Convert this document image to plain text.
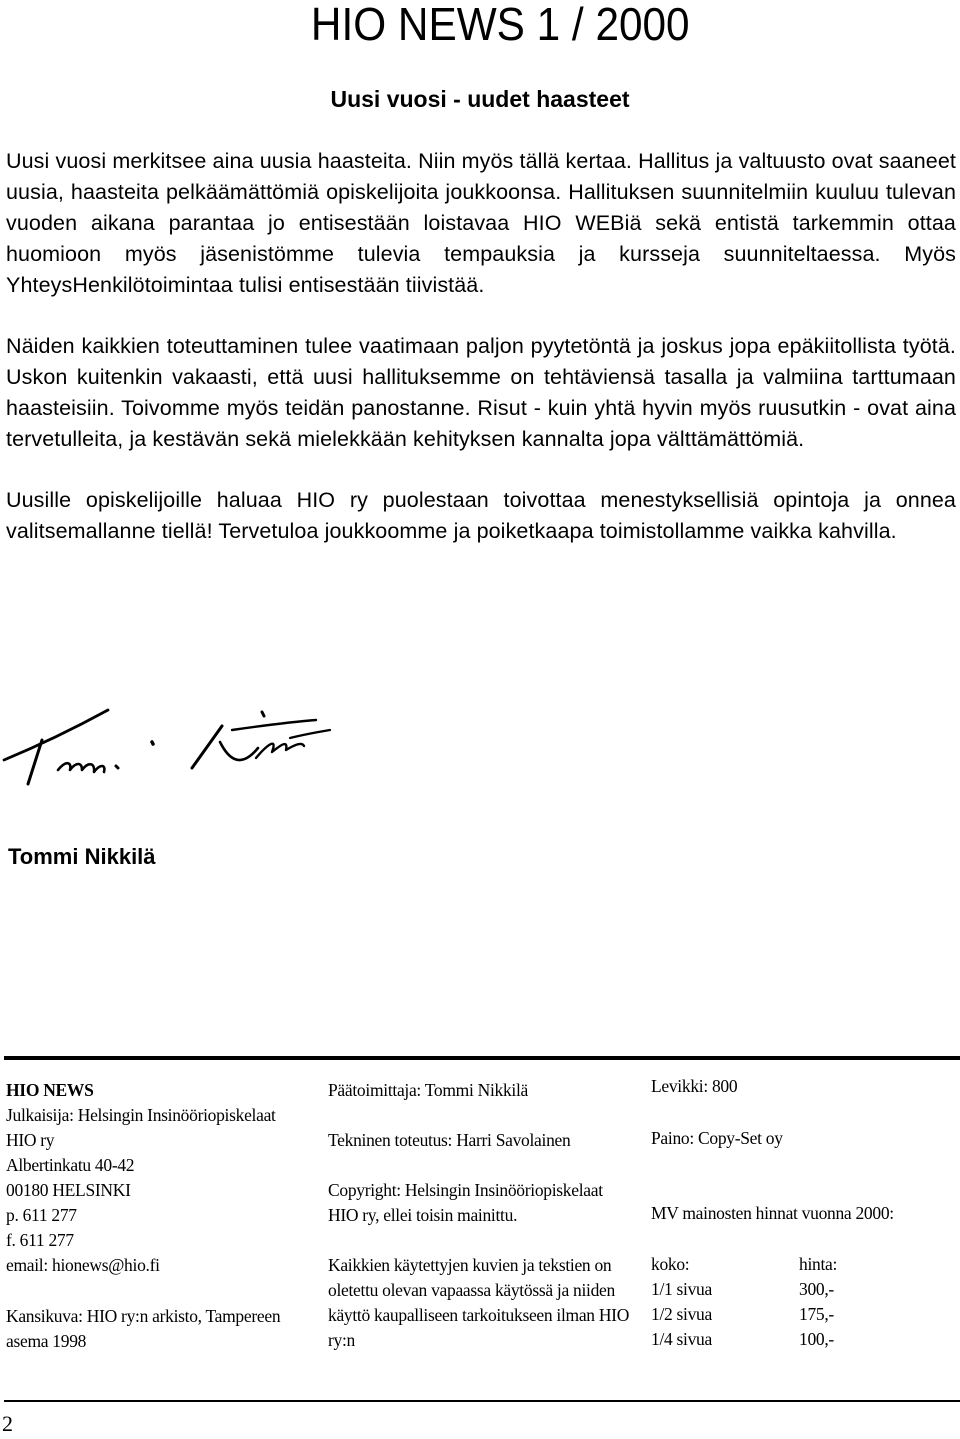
HIO NEWS 1 / 2000
Uusi vuosi - uudet haasteet

Uusi vuosi merkitsee aina uusia haasteita. Niin myös tällä kertaa. Hallitus ja valtuusto ovat saaneet uusia, haasteita pelkäämättömiä opiskelijoita joukkoonsa. Hallituksen suunnitelmiin kuuluu tulevan vuoden aikana parantaa jo entisestään loistavaa HIO WEBiä sekä entistä tarkemmin ottaa huomioon myös jäsenistömme tulevia tempauksia ja kursseja suunniteltaessa. Myös YhteysHenkilötoimintaa tulisi entisestään tiivistää.

Näiden kaikkien toteuttaminen tulee vaatimaan paljon pyytetöntä ja joskus jopa epäkiitollista työtä. Uskon kuitenkin vakaasti, että uusi hallituksemme on tehtäviensä tasalla ja valmiina tarttumaan haasteisiin. Toivomme myös teidän panostanne. Risut - kuin yhtä hyvin myös ruusutkin - ovat aina tervetulleita, ja kestävän sekä mielekkään kehityksen kannalta jopa välttämättömiä.

Uusille opiskelijoille haluaa HIO ry puolestaan toivottaa menestyksellisiä opintoja ja onnea valitsemallanne tiellä! Tervetuloa joukkoomme ja poiketkaapa toimistollamme vaikka kahvilla.

Tommi Nikkilä

HIO NEWS

Julkaisija: Helsingin Insinööriopiskelaat HIO ry

Albertinkatu 40-42

00180 HELSINKI

p. 611 277

f. 611 277

email: hionews@hio.fi

Kansikuva: HIO ry:n arkisto, Tampereen asema 1998

Päätoimittaja: Tommi Nikkilä

Tekninen toteutus: Harri Savolainen

Copyright: Helsingin Insinööriopiskelaat HIO ry, ellei toisin mainittu.

Kaikkien käytettyjen kuvien ja tekstien on oletettu olevan vapaassa käytössä ja niiden käyttö kaupalliseen tarkoitukseen ilman HIO ry:n

Levikki: 800

Paino: Copy-Set oy

MV mainosten hinnat vuonna 2000:

koko:	hinta:
1/1 sivua	300,-
1/2 sivua	175,-
1/4 sivua	100,-
2
